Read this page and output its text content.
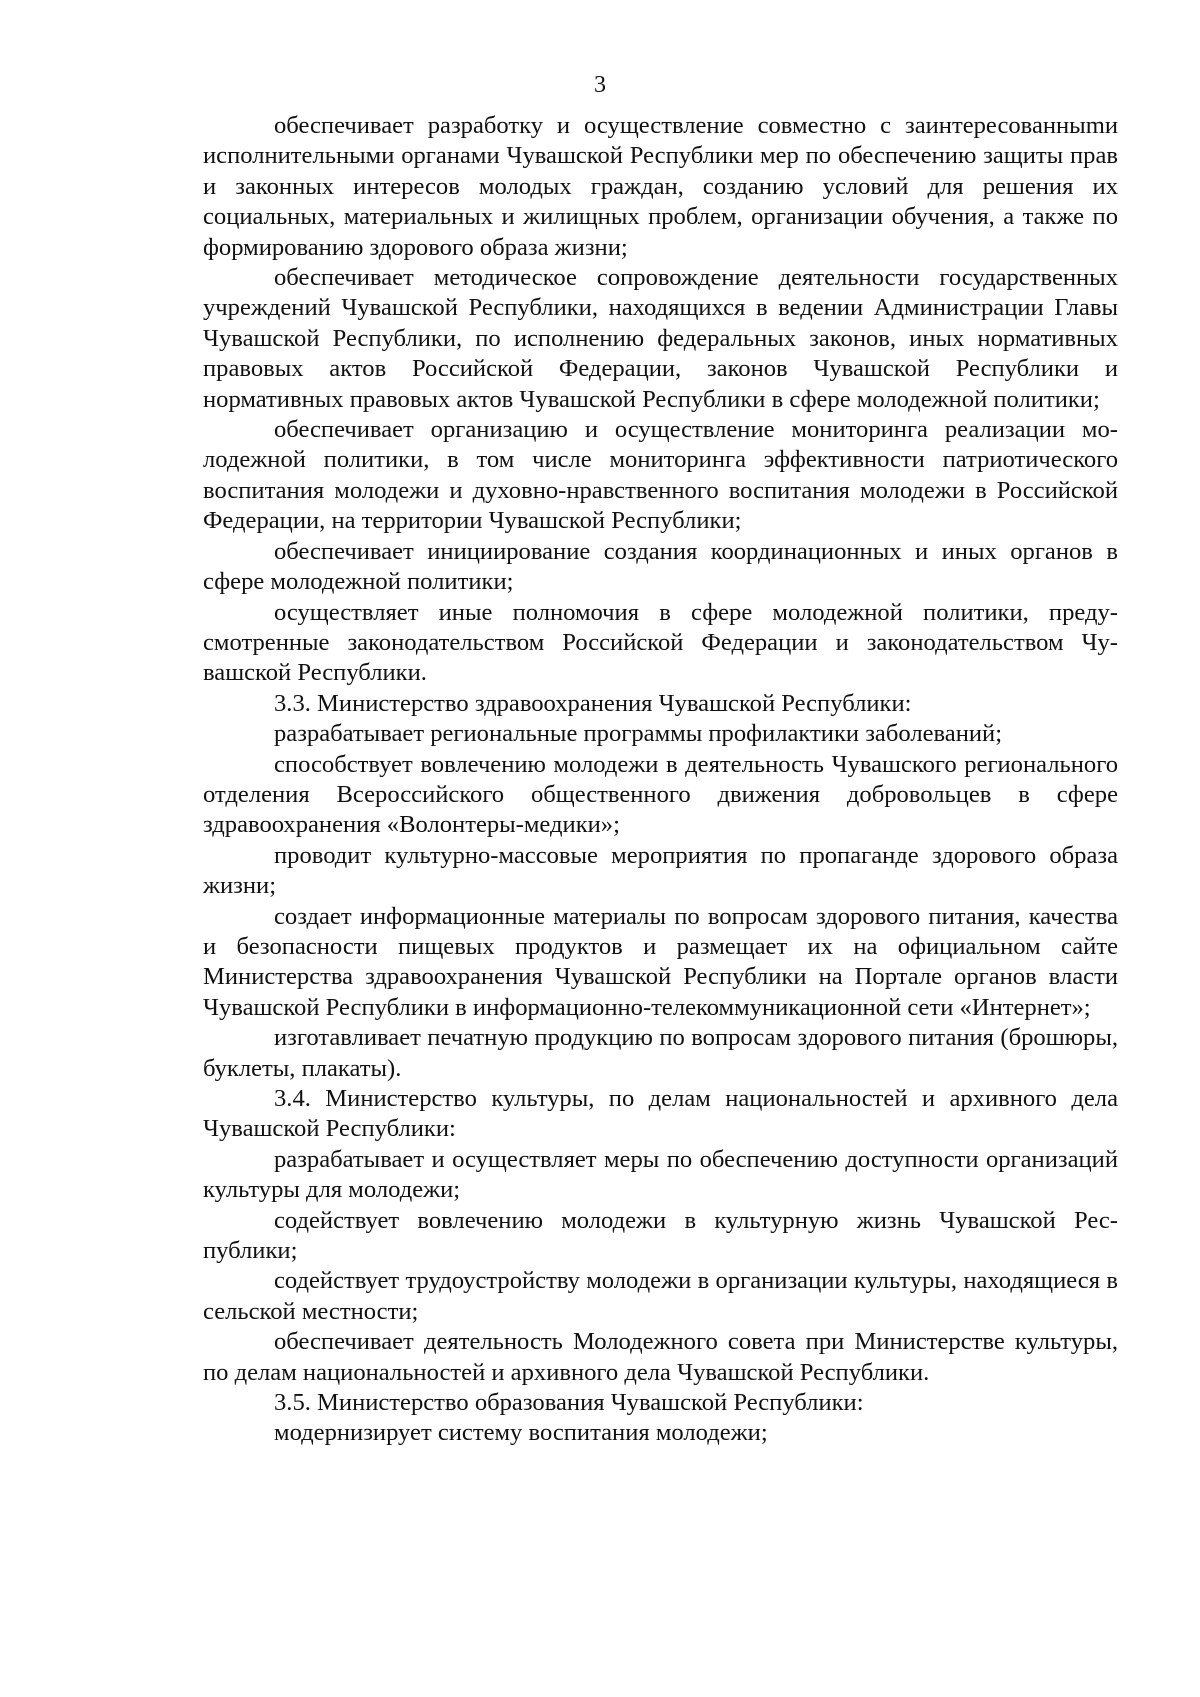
3

обеспечивает разработку и осуществление совместно с заинтересованныmи исполнительными органами Чувашской Республики мер по обеспечению защиты прав и законных интересов молодых граждан, созданию условий для решения их социальных, материальных и жилищных проблем, организации обучения, а также по формированию здорового образа жизни;

обеспечивает методическое сопровождение деятельности государственных учреждений Чувашской Республики, находящихся в ведении Администрации Главы Чувашской Республики, по исполнению федеральных законов, иных нормативных правовых актов Российской Федерации, законов Чувашской Республики и нормативных правовых актов Чувашской Республики в сфере молодежной политики;

обеспечивает организацию и осуществление мониторинга реализации молодежной политики, в том числе мониторинга эффективности патриотического воспитания молодежи и духовно-нравственного воспитания молодежи в Российской Федерации, на территории Чувашской Республики;

обеспечивает инициирование создания координационных и иных органов в сфере молодежной политики;

осуществляет иные полномочия в сфере молодежной политики, предусмотренные законодательством Российской Федерации и законодательством Чувашской Республики.

3.3. Министерство здравоохранения Чувашской Республики:

разрабатывает региональные программы профилактики заболеваний;

способствует вовлечению молодежи в деятельность Чувашского регионального отделения Всероссийского общественного движения добровольцев в сфере здравоохранения «Волонтеры-медики»;

проводит культурно-массовые мероприятия по пропаганде здорового образа жизни;

создает информационные материалы по вопросам здорового питания, качества и безопасности пищевых продуктов и размещает их на официальном сайте Министерства здравоохранения Чувашской Республики на Портале органов власти Чувашской Республики в информационно-телекоммуникационной сети «Интернет»;

изготавливает печатную продукцию по вопросам здорового питания (брошюры, буклеты, плакаты).

3.4. Министерство культуры, по делам национальностей и архивного дела Чувашской Республики:

разрабатывает и осуществляет меры по обеспечению доступности организаций культуры для молодежи;

содействует вовлечению молодежи в культурную жизнь Чувашской Республики;

содействует трудоустройству молодежи в организации культуры, находящиеся в сельской местности;

обеспечивает деятельность Молодежного совета при Министерстве культуры, по делам национальностей и архивного дела Чувашской Республики.

3.5. Министерство образования Чувашской Республики:

модернизирует систему воспитания молодежи;
